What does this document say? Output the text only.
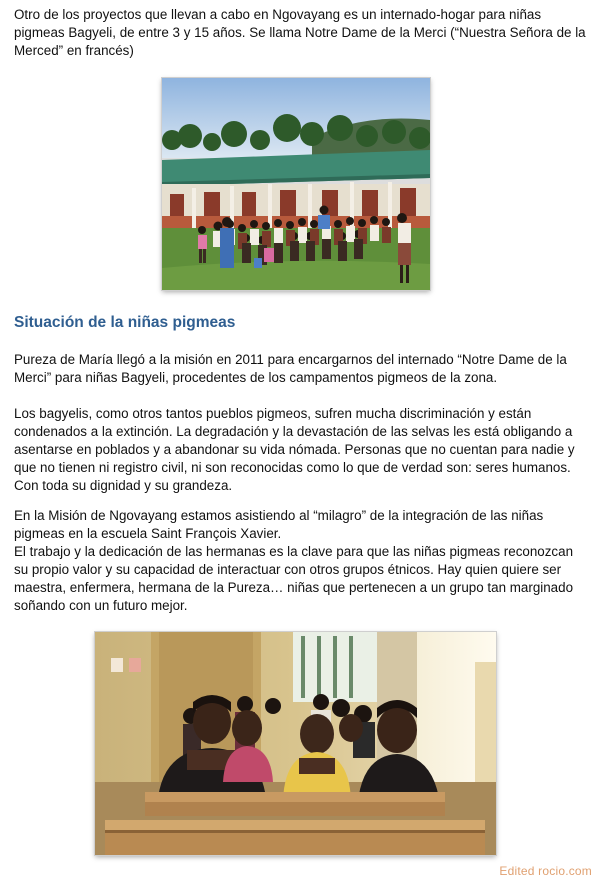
Otro de los proyectos que llevan a cabo en Ngovayang es un internado-hogar para niñas pigmeas Bagyeli, de entre 3 y 15 años. Se llama Notre Dame de la Merci (“Nuestra Señora de la Merced” en francés)

Situación de la niñas pigmeas

Pureza de María llegó a la misión en 2011 para encargarnos del internado “Notre Dame de la Merci” para niñas Bagyeli, procedentes de los campamentos pigmeos de la zona.

Los bagyelis, como otros tantos pueblos pigmeos, sufren mucha discriminación y están condenados a la extinción. La degradación y la devastación de las selvas les está obligando a asentarse en poblados y a abandonar su vida nómada. Personas que no cuentan para nadie y que no tienen ni registro civil, ni son reconocidas como lo que de verdad son: seres humanos. Con toda su dignidad y su grandeza.

En la Misión de Ngovayang estamos asistiendo al “milagro” de la integración de las niñas pigmeas en la escuela Saint François Xavier.

El trabajo y la dedicación de las hermanas es la clave para que las niñas pigmeas reconozcan su propio valor y su capacidad de interactuar con otros grupos étnicos. Hay quien quiere ser maestra, enfermera, hermana de la Pureza… niñas que pertenecen a un grupo tan marginado soñando con un futuro mejor.

Edited rocio.com
